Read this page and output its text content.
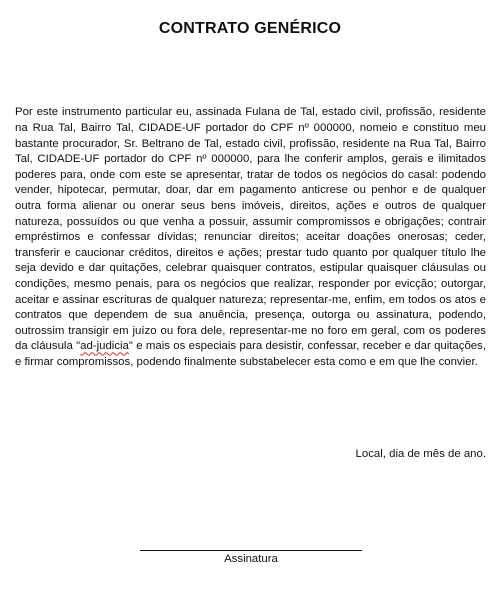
CONTRATO GENÉRICO

Por este instrumento particular eu, assinada Fulana de Tal, estado civil, profissão, residente na Rua Tal, Bairro Tal, CIDADE-UF portador do CPF nº 000000, nomeio e constituo meu bastante procurador, Sr. Beltrano de Tal, estado civil, profissão, residente na Rua Tal, Bairro Tal, CIDADE-UF portador do CPF nº 000000, para lhe conferir amplos, gerais e ilimitados poderes para, onde com este se apresentar, tratar de todos os negócios do casal: podendo vender, hipotecar, permutar, doar, dar em pagamento anticrese ou penhor e de qualquer outra forma alienar ou onerar seus bens imóveis, direitos, ações e outros de qualquer natureza, possuídos ou que venha a possuir, assumir compromissos e obrigações; contrair empréstimos e confessar dívidas; renunciar direitos; aceitar doações onerosas; ceder, transferir e caucionar créditos, direitos e ações; prestar tudo quanto por qualquer título lhe seja devido e dar quitações, celebrar quaisquer contratos, estipular quaisquer cláusulas ou condições, mesmo penais, para os negócios que realizar, responder por evicção; outorgar, aceitar e assinar escrituras de qualquer natureza; representar-me, enfim, em todos os atos e contratos que dependem de sua anuência, presença, outorga ou assinatura, podendo, outrossim transigir em juízo ou fora dele, representar-me no foro em geral, com os poderes da cláusula "ad-judicia" e mais os especiais para desistir, confessar, receber e dar quitações, e firmar compromissos, podendo finalmente substabelecer esta como e em que lhe convier.

Local, dia de mês de ano.
Assinatura
